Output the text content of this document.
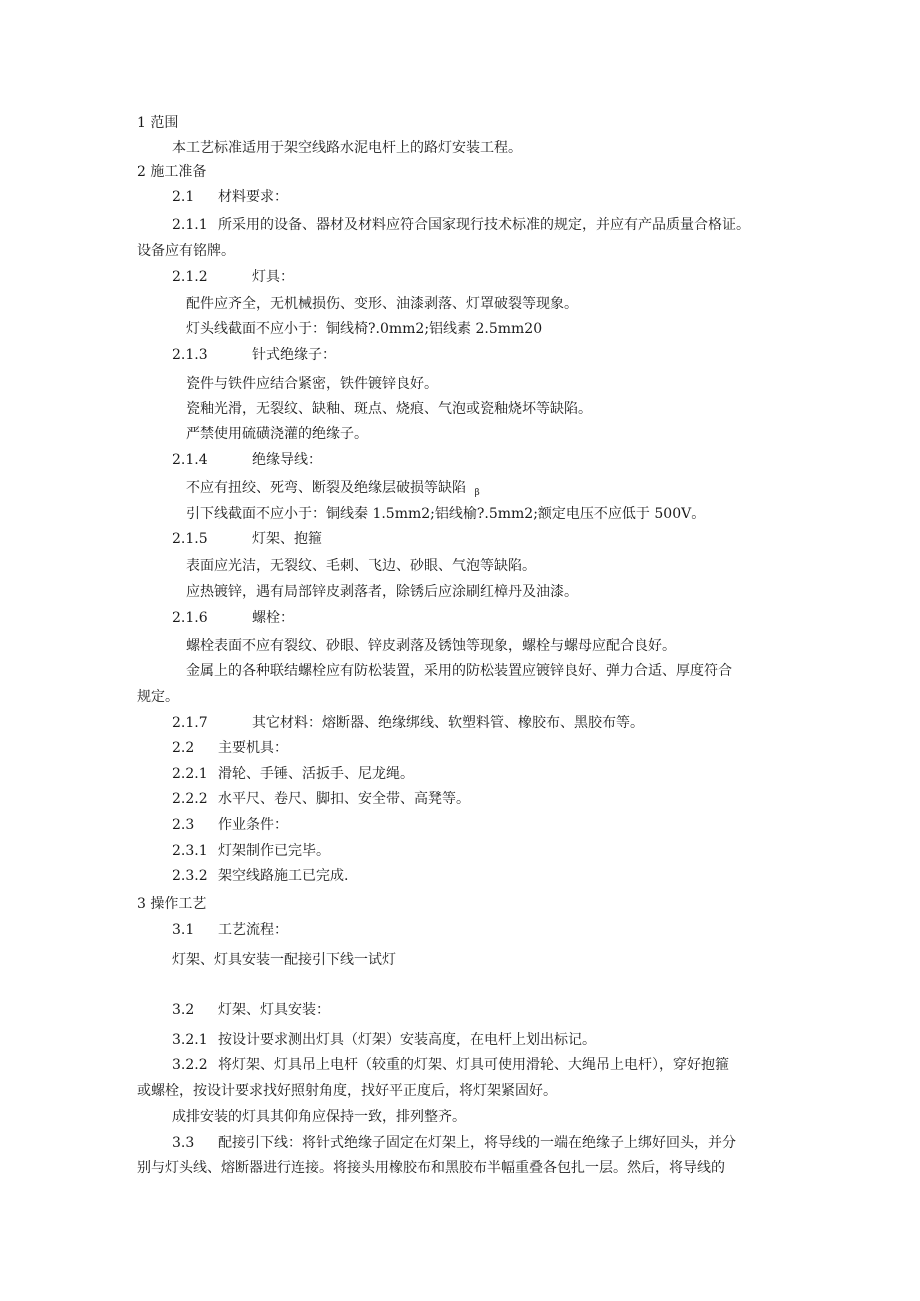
1 范围
本工艺标准适用于架空线路水泥电杆上的路灯安装工程。
2 施工准备
2.1 材料要求：
2.1.1 所采用的设备、器材及材料应符合国家现行技术标准的规定，并应有产品质量合格证。
设备应有铭牌。
2.1.2	灯具：
配件应齐全，无机械损伤、变形、油漆剥落、灯罩破裂等现象。
灯头线截面不应小于：铜线椅?.0mm2;铝线素 2.5mm20
2.1.3	针式绝缘子：
瓷件与铁件应结合紧密，铁件镀锌良好。
瓷釉光滑，无裂纹、缺釉、斑点、烧痕、气泡或瓷釉烧坏等缺陷。
严禁使用硫磺浇灌的绝缘子。
2.1.4	绝缘导线：
不应有扭绞、死弯、断裂及绝缘层破损等缺陷 $_\beta$
引下线截面不应小于：铜线秦 1.5mm2;铝线榆?.5mm2;额定电压不应低于 500V。
2.1.5	灯架、抱箍
表面应光洁，无裂纹、毛刺、飞边、砂眼、气泡等缺陷。
应热镀锌，遇有局部锌皮剥落者，除锈后应涂刷红樟丹及油漆。
2.1.6	螺栓：
螺栓表面不应有裂纹、砂眼、锌皮剥落及锈蚀等现象，螺栓与螺母应配合良好。
金属上的各种联结螺栓应有防松装置，采用的防松装置应镀锌良好、弹力合适、厚度符合
规定。
2.1.7	其它材料：熔断器、绝缘绑线、软塑料管、橡胶布、黑胶布等。
2.2 主要机具：
2.2.1 滑轮、手锤、活扳手、尼龙绳。
2.2.2 水平尺、卷尺、脚扣、安全带、高凳等。
2.3 作业条件：
2.3.1 灯架制作已完毕。
2.3.2 架空线路施工已完成.
3 操作工艺
3.1 工艺流程：
灯架、灯具安装一配接引下线一试灯
3.2 灯架、灯具安装：
3.2.1 按设计要求测出灯具（灯架）安装高度，在电杆上划出标记。
3.2.2 将灯架、灯具吊上电杆（较重的灯架、灯具可使用滑轮、大绳吊上电杆），穿好抱箍
或螺栓，按设计要求找好照射角度，找好平正度后，将灯架紧固好。
成排安装的灯具其仰角应保持一致，排列整齐。
3.3 配接引下线：将针式绝缘子固定在灯架上，将导线的一端在绝缘子上绑好回头，并分
别与灯头线、熔断器进行连接。将接头用橡胶布和黑胶布半幅重叠各包扎一层。然后，将导线的
